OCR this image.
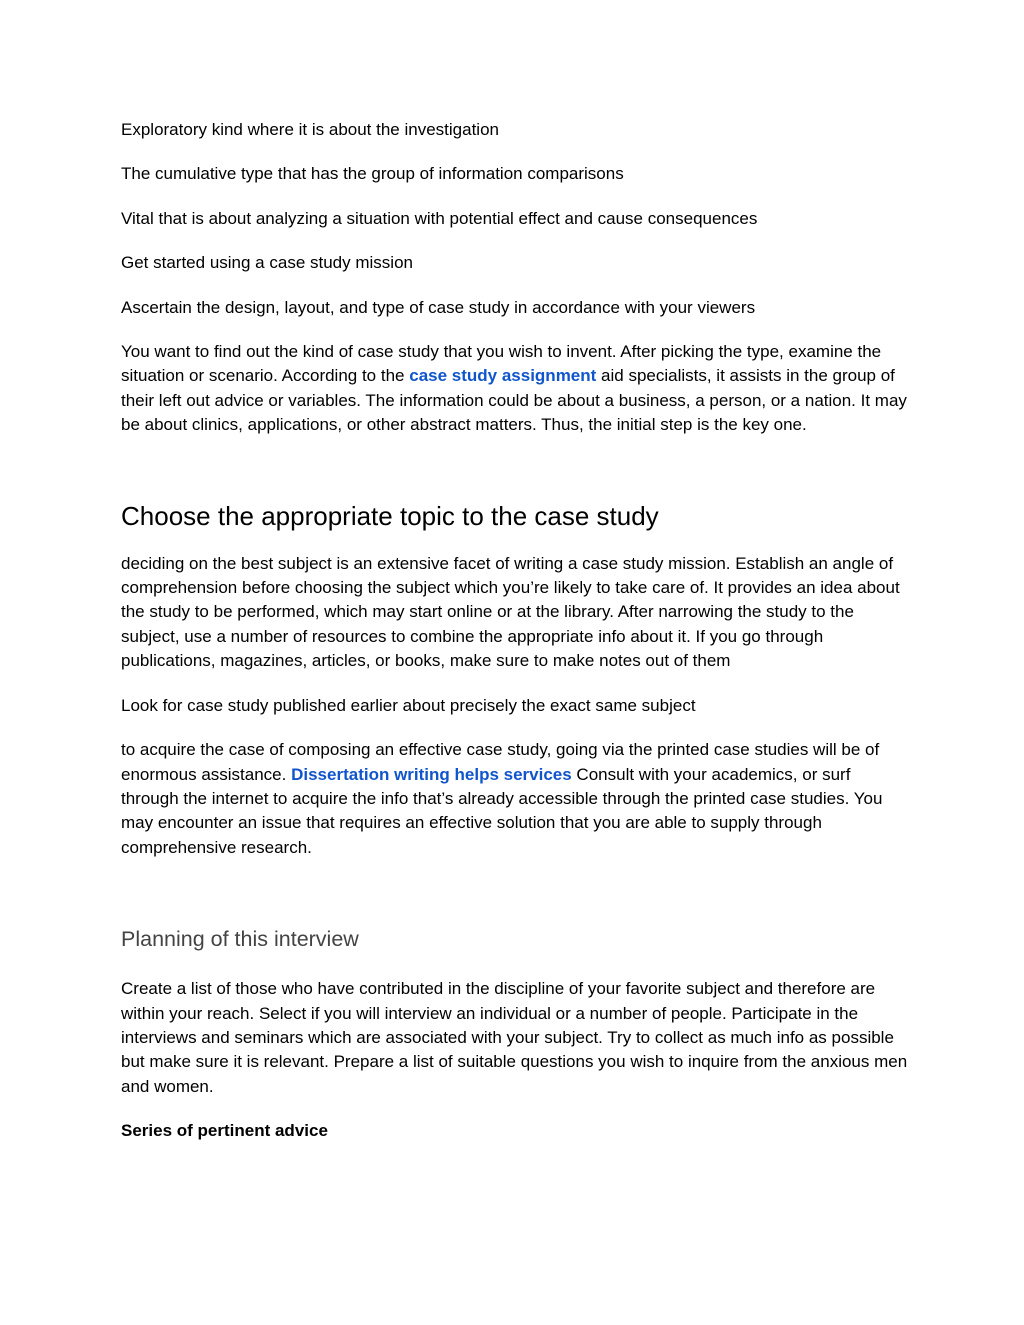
Exploratory kind where it is about the investigation

The cumulative type that has the group of information comparisons

Vital that is about analyzing a situation with potential effect and cause consequences

Get started using a case study mission

Ascertain the design, layout, and type of case study in accordance with your viewers

You want to find out the kind of case study that you wish to invent. After picking the type, examine the situation or scenario. According to the case study assignment aid specialists, it assists in the group of their left out advice or variables. The information could be about a business, a person, or a nation. It may be about clinics, applications, or other abstract matters. Thus, the initial step is the key one.

Choose the appropriate topic to the case study

deciding on the best subject is an extensive facet of writing a case study mission. Establish an angle of comprehension before choosing the subject which you’re likely to take care of. It provides an idea about the study to be performed, which may start online or at the library. After narrowing the study to the subject, use a number of resources to combine the appropriate info about it. If you go through publications, magazines, articles, or books, make sure to make notes out of them

Look for case study published earlier about precisely the exact same subject

to acquire the case of composing an effective case study, going via the printed case studies will be of enormous assistance. Dissertation writing helps services Consult with your academics, or surf through the internet to acquire the info that’s already accessible through the printed case studies. You may encounter an issue that requires an effective solution that you are able to supply through comprehensive research.

Planning of this interview

Create a list of those who have contributed in the discipline of your favorite subject and therefore are within your reach. Select if you will interview an individual or a number of people. Participate in the interviews and seminars which are associated with your subject. Try to collect as much info as possible but make sure it is relevant. Prepare a list of suitable questions you wish to inquire from the anxious men and women.

Series of pertinent advice
